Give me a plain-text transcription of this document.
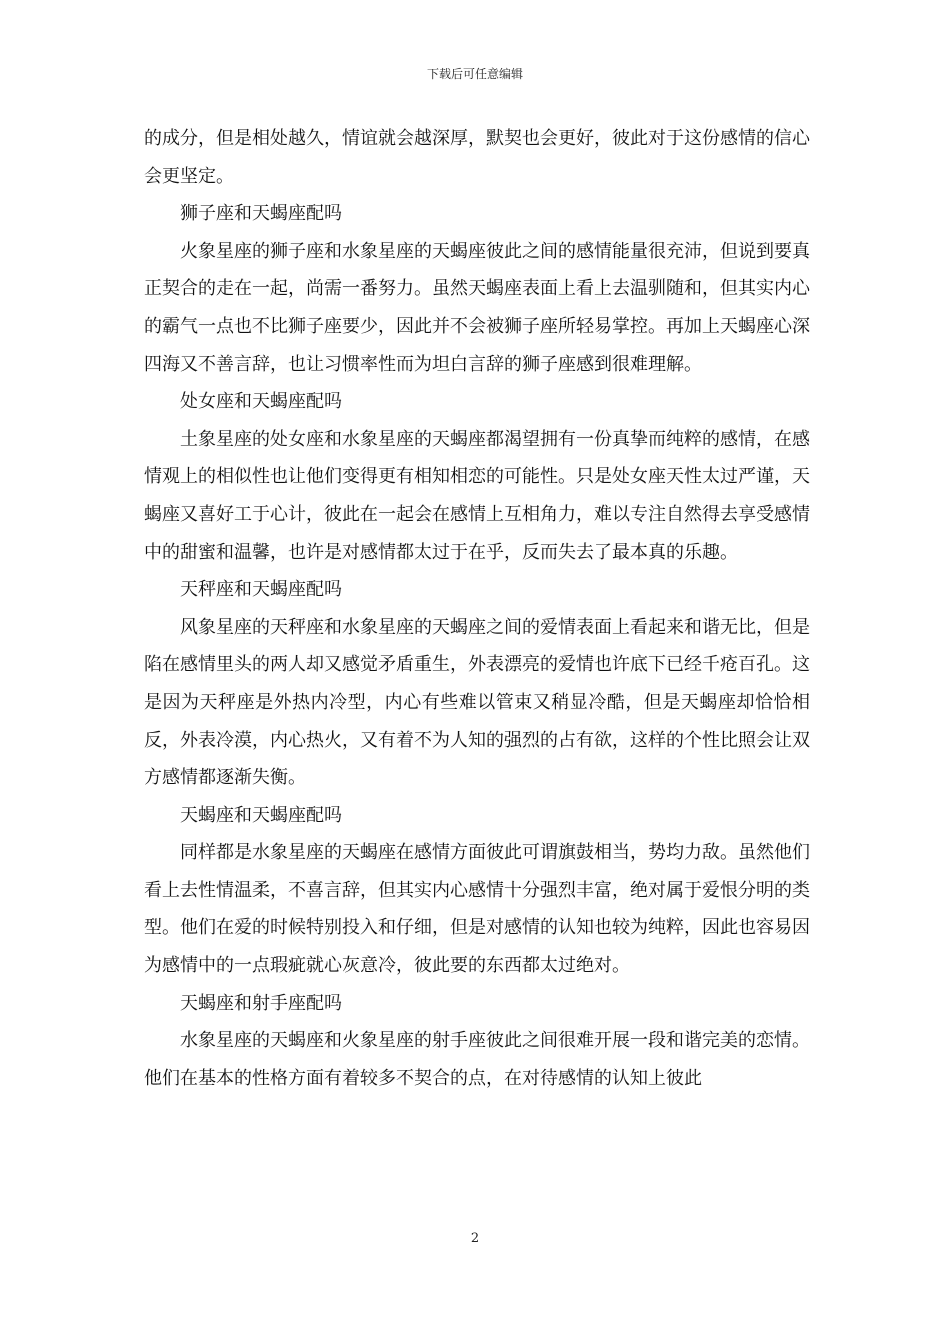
下载后可任意编辑

的成分，但是相处越久，情谊就会越深厚，默契也会更好，彼此对于这份感情的信心会更坚定。

狮子座和天蝎座配吗

火象星座的狮子座和水象星座的天蝎座彼此之间的感情能量很充沛，但说到要真正契合的走在一起，尚需一番努力。虽然天蝎座表面上看上去温驯随和，但其实内心的霸气一点也不比狮子座要少，因此并不会被狮子座所轻易掌控。再加上天蝎座心深四海又不善言辞，也让习惯率性而为坦白言辞的狮子座感到很难理解。

处女座和天蝎座配吗

土象星座的处女座和水象星座的天蝎座都渴望拥有一份真挚而纯粹的感情，在感情观上的相似性也让他们变得更有相知相恋的可能性。只是处女座天性太过严谨，天蝎座又喜好工于心计，彼此在一起会在感情上互相角力，难以专注自然得去享受感情中的甜蜜和温馨，也许是对感情都太过于在乎，反而失去了最本真的乐趣。

天秤座和天蝎座配吗

风象星座的天秤座和水象星座的天蝎座之间的爱情表面上看起来和谐无比，但是陷在感情里头的两人却又感觉矛盾重生，外表漂亮的爱情也许底下已经千疮百孔。这是因为天秤座是外热内冷型，内心有些难以管束又稍显冷酷，但是天蝎座却恰恰相反，外表冷漠，内心热火，又有着不为人知的强烈的占有欲，这样的个性比照会让双方感情都逐渐失衡。

天蝎座和天蝎座配吗

同样都是水象星座的天蝎座在感情方面彼此可谓旗鼓相当，势均力敌。虽然他们看上去性情温柔，不喜言辞，但其实内心感情十分强烈丰富，绝对属于爱恨分明的类型。他们在爱的时候特别投入和仔细，但是对感情的认知也较为纯粹，因此也容易因为感情中的一点瑕疵就心灰意冷，彼此要的东西都太过绝对。

天蝎座和射手座配吗

水象星座的天蝎座和火象星座的射手座彼此之间很难开展一段和谐完美的恋情。他们在基本的性格方面有着较多不契合的点，在对待感情的认知上彼此

2
